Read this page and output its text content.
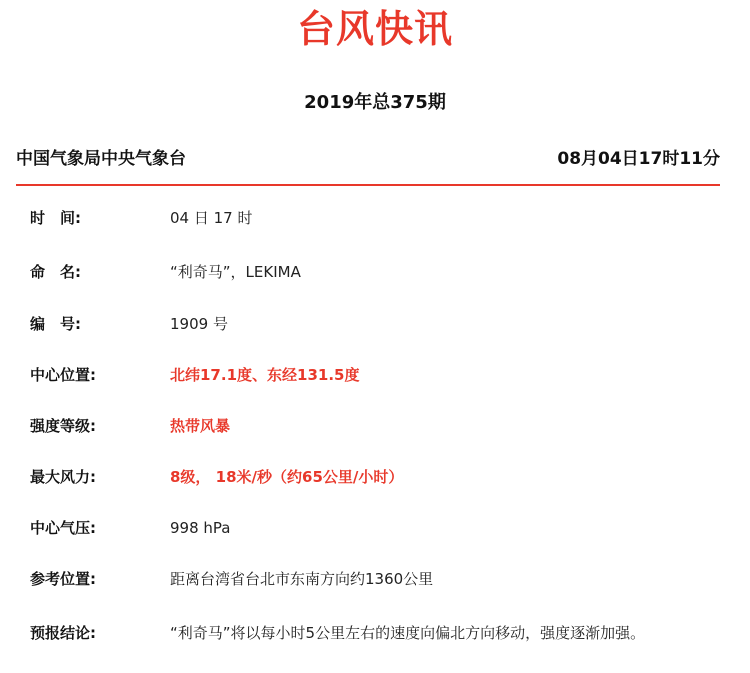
台风快讯
2019年总375期
中国气象局中央气象台	08月04日17时11分
时　间:	04 日 17 时
命　名:	“利奇马”，LEKIMA
编　号:	1909 号
中心位置:	北纬17.1度、东经131.5度
强度等级:	热带风暴
最大风力:	8级， 18米/秒（约65公里/小时）
中心气压:	998 hPa
参考位置:	距离台湾省台北市东南方向约1360公里
预报结论:	“利奇马”将以每小时5公里左右的速度向偏北方向移动，强度逐渐加强。
